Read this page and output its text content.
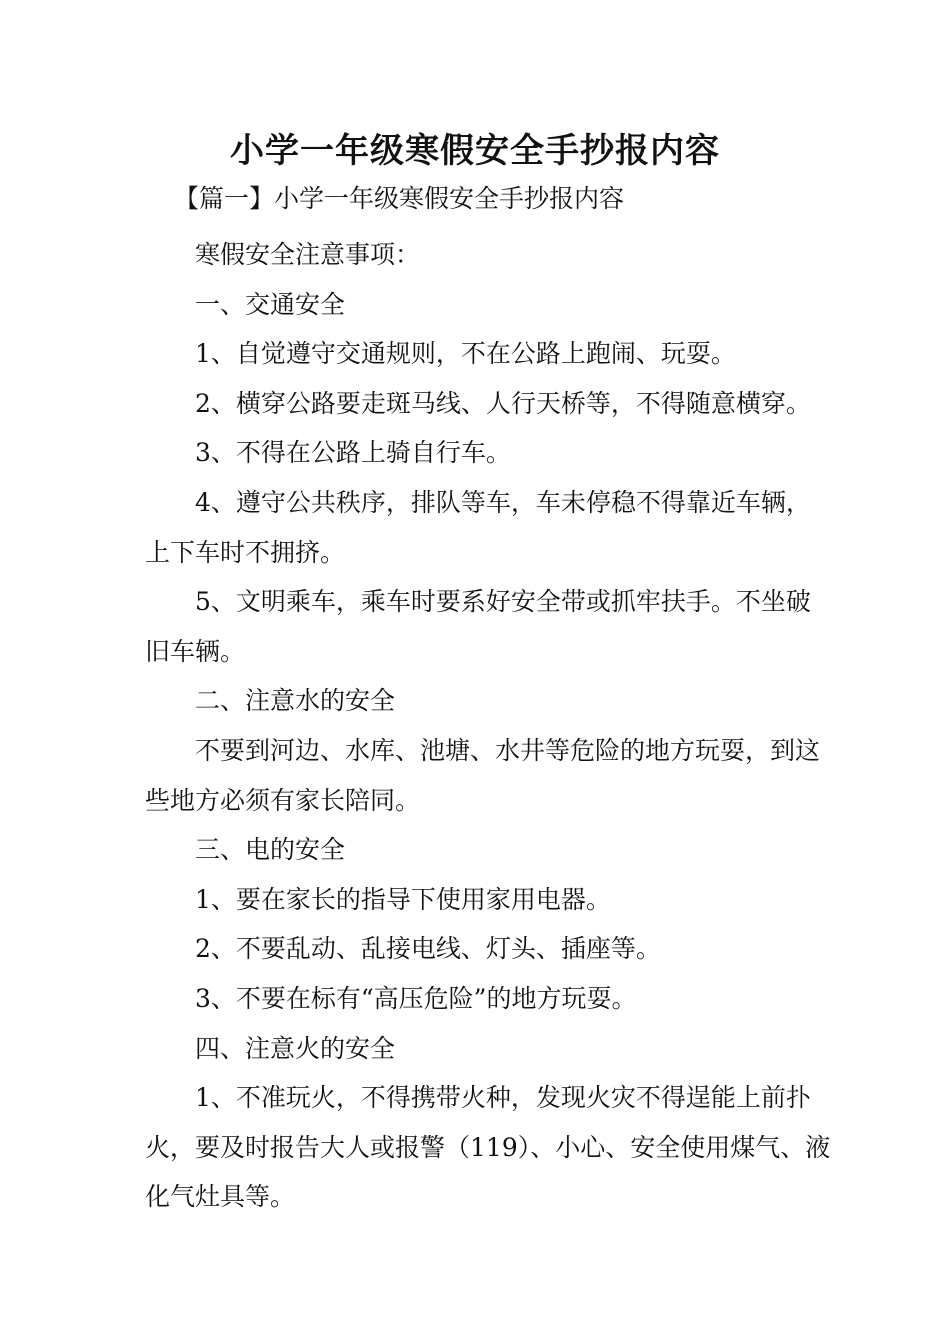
小学一年级寒假安全手抄报内容
【篇一】小学一年级寒假安全手抄报内容

寒假安全注意事项：

一、交通安全

1、自觉遵守交通规则，不在公路上跑闹、玩耍。

2、横穿公路要走斑马线、人行天桥等，不得随意横穿。

3、不得在公路上骑自行车。

4、遵守公共秩序，排队等车，车未停稳不得靠近车辆，上下车时不拥挤。

5、文明乘车，乘车时要系好安全带或抓牢扶手。不坐破旧车辆。

二、注意水的安全

不要到河边、水库、池塘、水井等危险的地方玩耍，到这些地方必须有家长陪同。

三、电的安全

1、要在家长的指导下使用家用电器。

2、不要乱动、乱接电线、灯头、插座等。

3、不要在标有“高压危险”的地方玩耍。

四、注意火的安全

1、不准玩火，不得携带火种，发现火灾不得逞能上前扑火，要及时报告大人或报警（119）、小心、安全使用煤气、液化气灶具等。
